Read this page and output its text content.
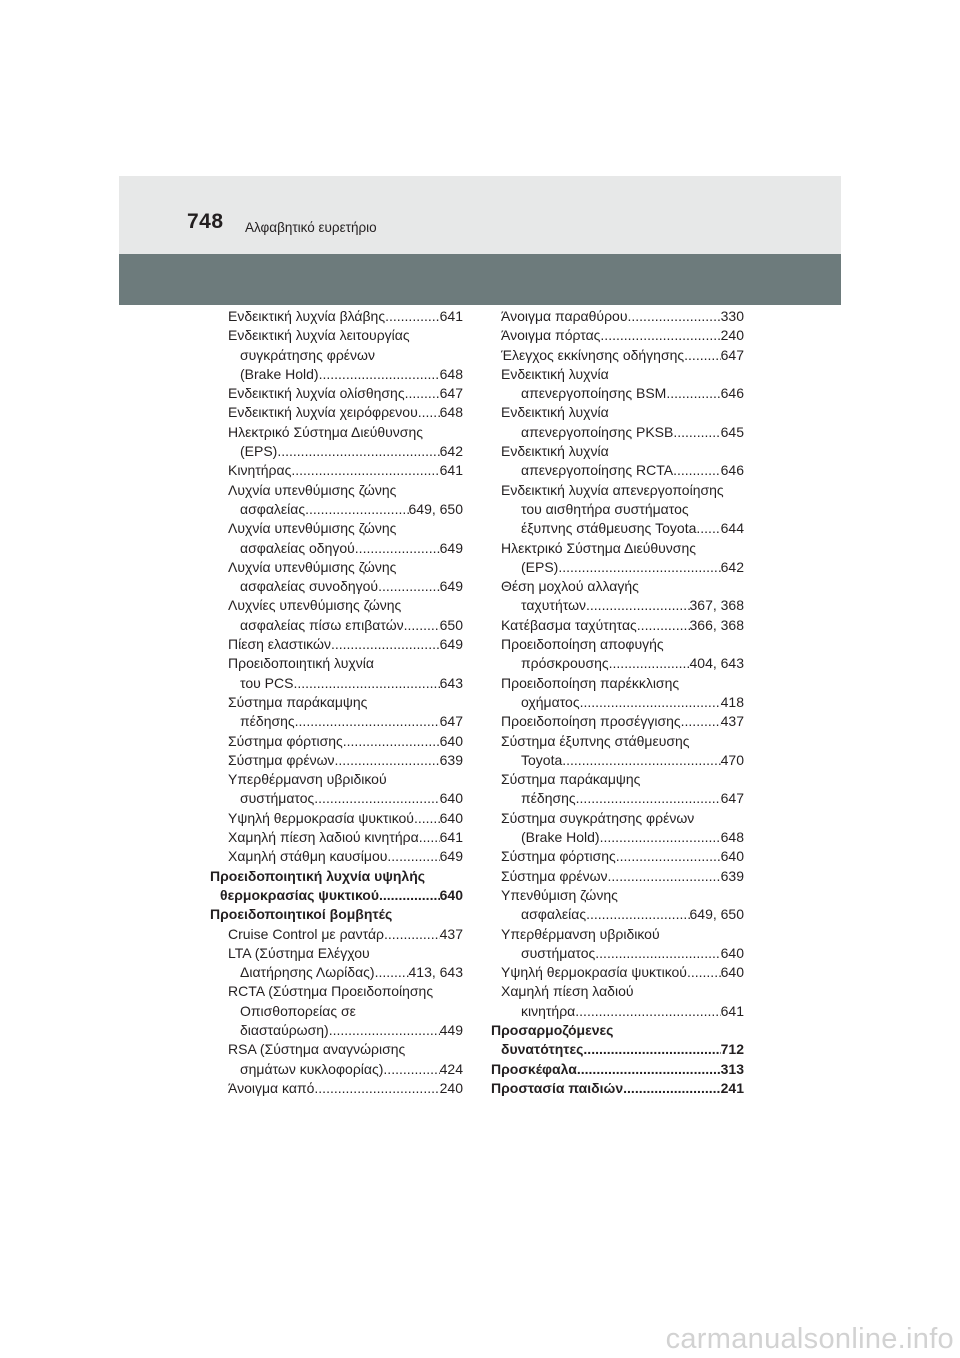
748 Αλφαβητικό ευρετήριο
Ενδεικτική λυχνία βλάβης .....	641
Ενδεικτική λυχνία λειτουργίας
συγκράτησης φρένων
(Brake Hold) .....	648
Ενδεικτική λυχνία ολίσθησης .....	647
Ενδεικτική λυχνία χειρόφρενου ..... 648
Ηλεκτρικό Σύστημα Διεύθυνσης
(EPS) .....	642
Κινητήρας .....	641
Λυχνία υπενθύμισης ζώνης
ασφαλείας .....	649, 650
Λυχνία υπενθύμισης ζώνης
ασφαλείας οδηγού .....	649
Λυχνία υπενθύμισης ζώνης
ασφαλείας συνοδηγού .....	649
Λυχνίες υπενθύμισης ζώνης
ασφαλείας πίσω επιβατών .....	650
Πίεση ελαστικών .....	649
Προειδοποιητική λυχνία
του PCS .....	643
Σύστημα παράκαμψης
πέδησης .....	647
Σύστημα φόρτισης .....	640
Σύστημα φρένων .....	639
Υπερθέρμανση υβριδικού
συστήματος .....	640
Υψηλή θερμοκρασία ψυκτικού ..... 640
Χαμηλή πίεση λαδιού κινητήρα ..... 641
Χαμηλή στάθμη καυσίμου .....	649
Προειδοποιητική λυχνία υψηλής
θερμοκρασίας ψυκτικού .....	640
Προειδοποιητικοί βομβητές
Cruise Control με ραντάρ .....	437
LTA (Σύστημα Ελέγχου
Διατήρησης Λωρίδας) ..... 413, 643
RCTA (Σύστημα Προειδοποίησης
Οπισθοπορείας σε
διασταύρωση) .....	449
RSA (Σύστημα αναγνώρισης
σημάτων κυκλοφορίας) .....	424
Άνοιγμα καπό .....	240
Άνοιγμα παραθύρου .....	330
Άνοιγμα πόρτας .....	240
Έλεγχος εκκίνησης οδήγησης .....	647
Ενδεικτική λυχνία
απενεργοποίησης BSM .....	646
Ενδεικτική λυχνία
απενεργοποίησης PKSB .....	645
Ενδεικτική λυχνία
απενεργοποίησης RCTA .....	646
Ενδεικτική λυχνία απενεργοποίησης
του αισθητήρα συστήματος
έξυπνης στάθμευσης Toyota ..... 644
Ηλεκτρικό Σύστημα Διεύθυνσης
(EPS) .....	642
Θέση μοχλού αλλαγής
ταχυτήτων .....	367, 368
Κατέβασμα ταχύτητας .....	366, 368
Προειδοποίηση αποφυγής
πρόσκρουσης .....	404, 643
Προειδοποίηση παρέκκλισης
οχήματος .....	418
Προειδοποίηση προσέγγισης .....	437
Σύστημα έξυπνης στάθμευσης
Toyota .....	470
Σύστημα παράκαμψης
πέδησης .....	647
Σύστημα συγκράτησης φρένων
(Brake Hold) .....	648
Σύστημα φόρτισης .....	640
Σύστημα φρένων .....	639
Υπενθύμιση ζώνης
ασφαλείας .....	649, 650
Υπερθέρμανση υβριδικού
συστήματος .....	640
Υψηλή θερμοκρασία ψυκτικού ..... 640
Χαμηλή πίεση λαδιού
κινητήρα .....	641
Προσαρμοζόμενες
δυνατότητες .....	712
Προσκέφαλα .....	313
Προστασία παιδιών .....	241
carmanualsonline.info
